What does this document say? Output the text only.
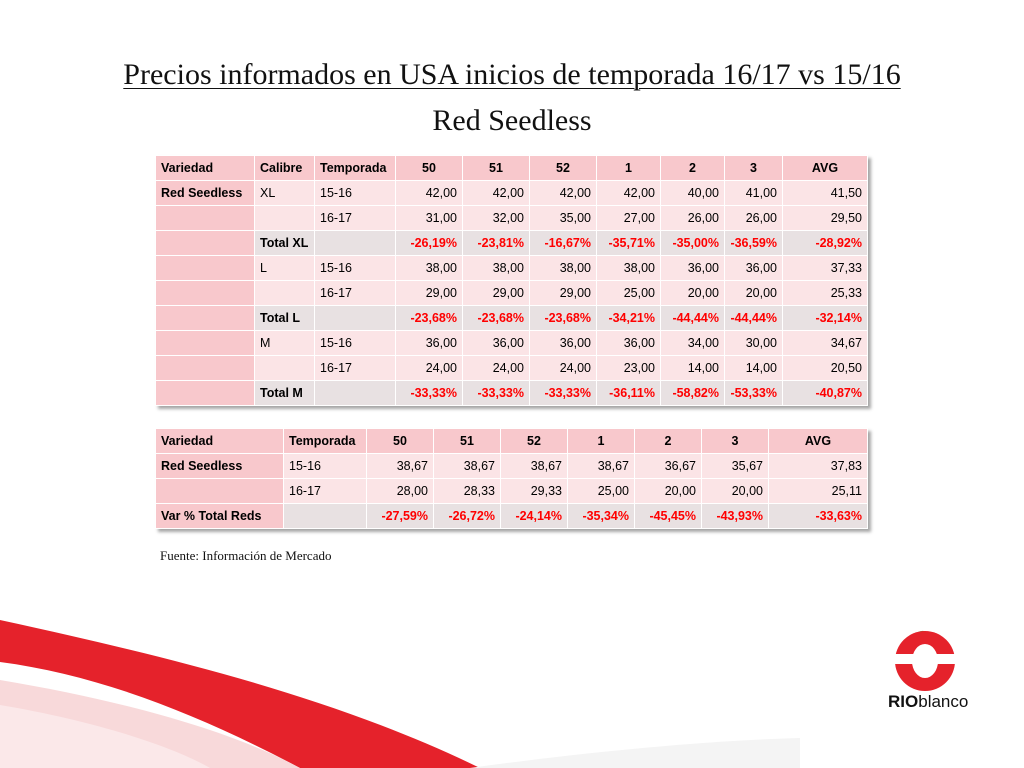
Precios informados en USA inicios de temporada 16/17 vs 15/16
Red Seedless
Variedad	Calibre	Temporada	50	51	52	1	2	3	AVG
Red Seedless	XL	15-16	42,00	42,00	42,00	42,00	40,00	41,00	41,50
		16-17	31,00	32,00	35,00	27,00	26,00	26,00	29,50
	Total XL		-26,19%	-23,81%	-16,67%	-35,71%	-35,00%	-36,59%	-28,92%
	L	15-16	38,00	38,00	38,00	38,00	36,00	36,00	37,33
		16-17	29,00	29,00	29,00	25,00	20,00	20,00	25,33
	Total L		-23,68%	-23,68%	-23,68%	-34,21%	-44,44%	-44,44%	-32,14%
	M	15-16	36,00	36,00	36,00	36,00	34,00	30,00	34,67
		16-17	24,00	24,00	24,00	23,00	14,00	14,00	20,50
	Total M		-33,33%	-33,33%	-33,33%	-36,11%	-58,82%	-53,33%	-40,87%
Variedad	Temporada	50	51	52	1	2	3	AVG
Red Seedless	15-16	38,67	38,67	38,67	38,67	36,67	35,67	37,83
	16-17	28,00	28,33	29,33	25,00	20,00	20,00	25,11
Var % Total Reds		-27,59%	-26,72%	-24,14%	-35,34%	-45,45%	-43,93%	-33,63%
Fuente: Información de Mercado
RIOblanco
